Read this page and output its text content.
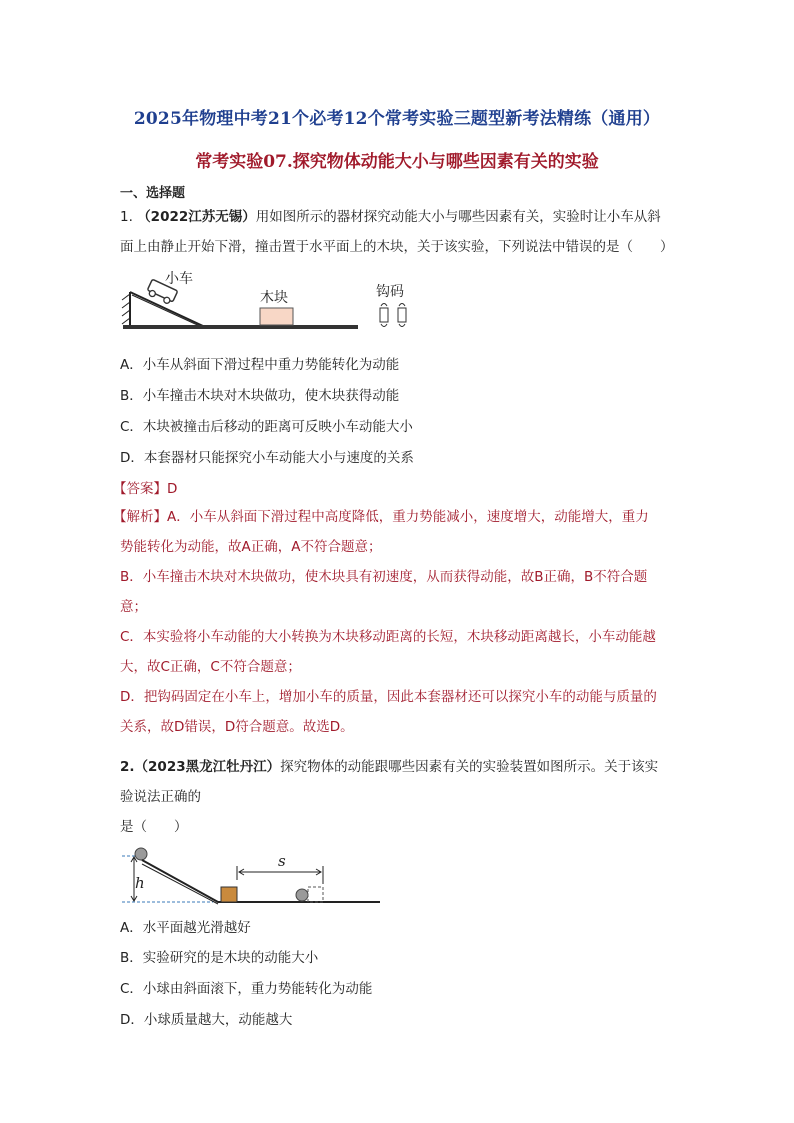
2025年物理中考21个必考12个常考实验三题型新考法精练（通用）
常考实验07.探究物体动能大小与哪些因素有关的实验
一、选择题
1. （2022江苏无锡）用如图所示的器材探究动能大小与哪些因素有关，实验时让小车从斜
面上由静止开始下滑，撞击置于水平面上的木块，关于该实验，下列说法中错误的是（　　）
小车
木块	钩码
A．小车从斜面下滑过程中重力势能转化为动能
B．小车撞击木块对木块做功，使木块获得动能
C．木块被撞击后移动的距离可反映小车动能大小
D．本套器材只能探究小车动能大小与速度的关系
【答案】D
【解析】A．小车从斜面下滑过程中高度降低，重力势能减小，速度增大，动能增大，重力
势能转化为动能，故A正确，A不符合题意；
B．小车撞击木块对木块做功，使木块具有初速度，从而获得动能，故B正确，B不符合题
意；
C．本实验将小车动能的大小转换为木块移动距离的长短，木块移动距离越长，小车动能越
大，故C正确，C不符合题意；
D．把钩码固定在小车上，增加小车的质量，因此本套器材还可以探究小车的动能与质量的
关系，故D错误，D符合题意。故选D。
2.（2023黑龙江牡丹江）探究物体的动能跟哪些因素有关的实验装置如图所示。关于该实
验说法正确的
是（　　）
h
s
A．水平面越光滑越好
B．实验研究的是木块的动能大小
C．小球由斜面滚下，重力势能转化为动能
D．小球质量越大，动能越大
